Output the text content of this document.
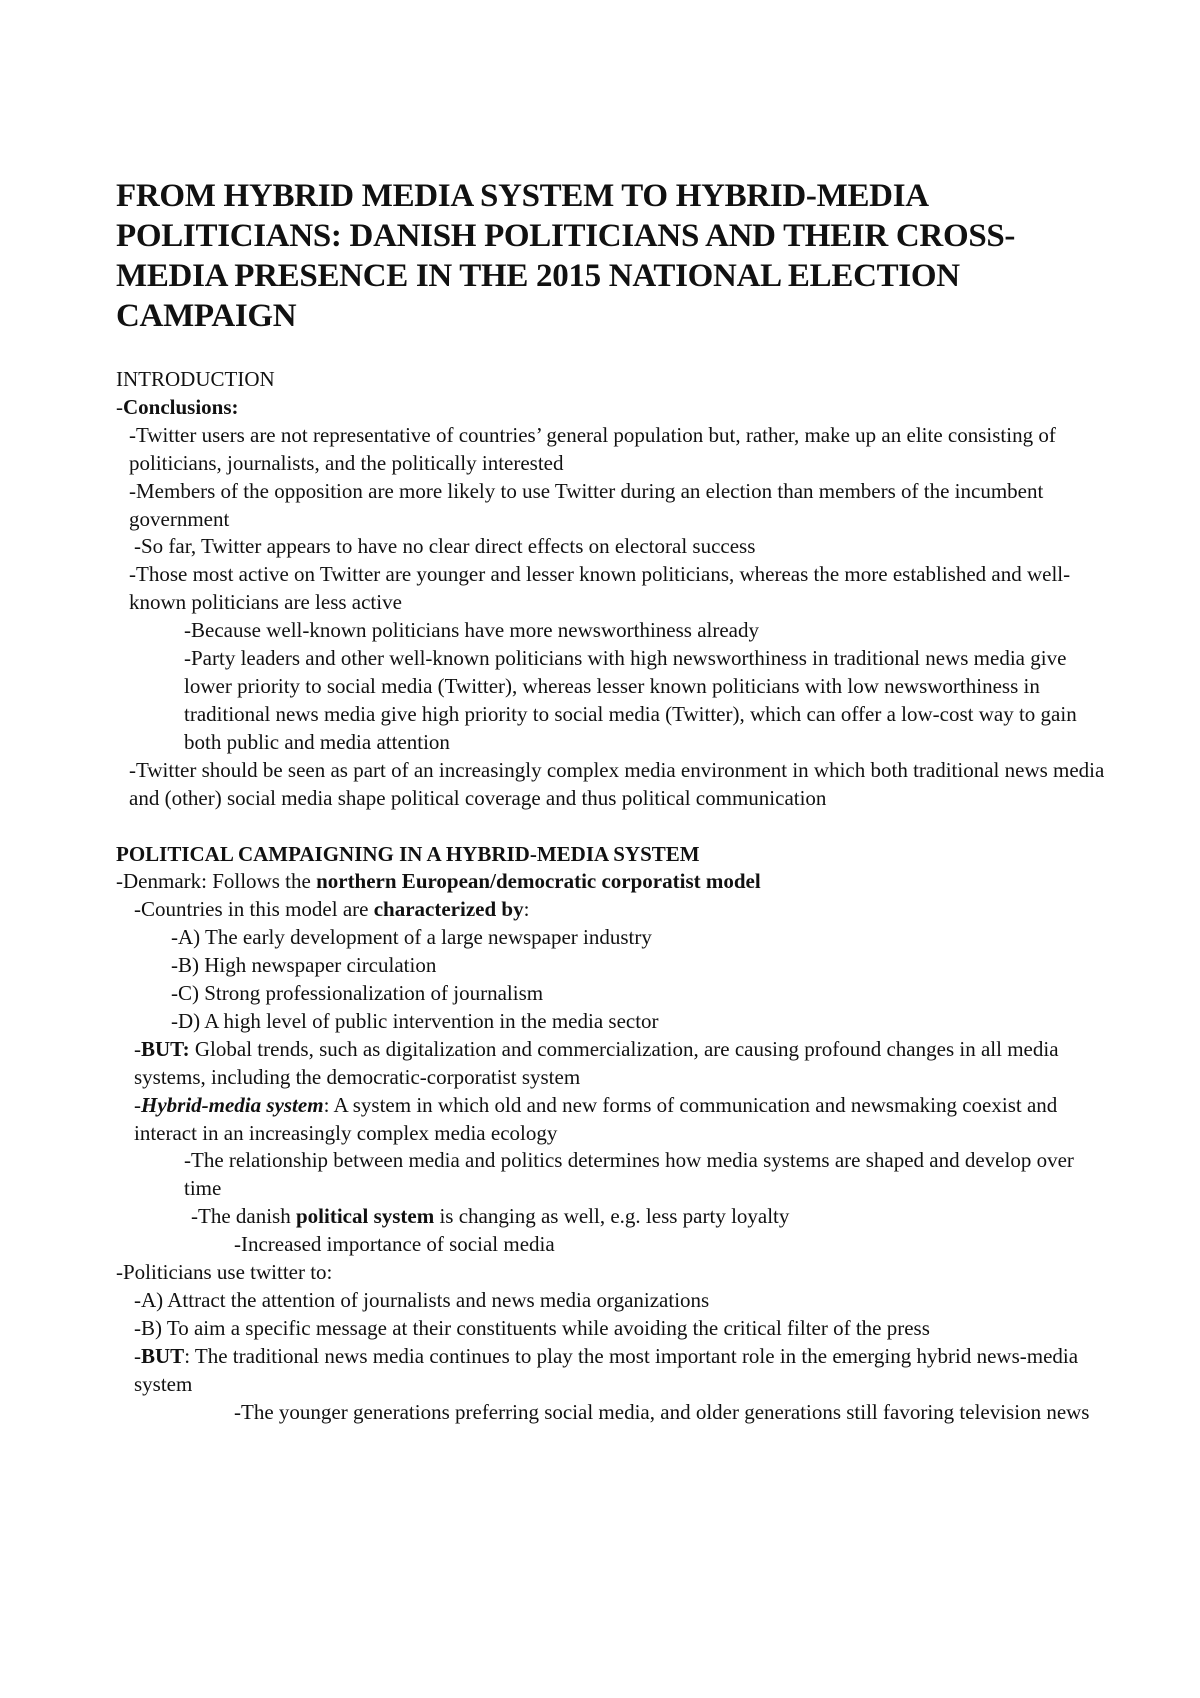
FROM HYBRID MEDIA SYSTEM TO HYBRID-MEDIA POLITICIANS: DANISH POLITICIANS AND THEIR CROSS-MEDIA PRESENCE IN THE 2015 NATIONAL ELECTION CAMPAIGN
INTRODUCTION
-Conclusions:
-Twitter users are not representative of countries’ general population but, rather, make up an elite consisting of politicians, journalists, and the politically interested
-Members of the opposition are more likely to use Twitter during an election than members of the incumbent government
-So far, Twitter appears to have no clear direct effects on electoral success
-Those most active on Twitter are younger and lesser known politicians, whereas the more established and well-known politicians are less active
-Because well-known politicians have more newsworthiness already
-Party leaders and other well-known politicians with high newsworthiness in traditional news media give lower priority to social media (Twitter), whereas lesser known politicians with low newsworthiness in traditional news media give high priority to social media (Twitter), which can offer a low-cost way to gain both public and media attention
-Twitter should be seen as part of an increasingly complex media environment in which both traditional news media and (other) social media shape political coverage and thus political communication
POLITICAL CAMPAIGNING IN A HYBRID-MEDIA SYSTEM
-Denmark: Follows the northern European/democratic corporatist model
-Countries in this model are characterized by:
-A) The early development of a large newspaper industry
-B) High newspaper circulation
-C) Strong professionalization of journalism
-D) A high level of public intervention in the media sector
-BUT: Global trends, such as digitalization and commercialization, are causing profound changes in all media systems, including the democratic-corporatist system
-Hybrid-media system: A system in which old and new forms of communication and newsmaking coexist and interact in an increasingly complex media ecology
-The relationship between media and politics determines how media systems are shaped and develop over time
-The danish political system is changing as well, e.g. less party loyalty
-Increased importance of social media
-Politicians use twitter to:
-A) Attract the attention of journalists and news media organizations
-B) To aim a specific message at their constituents while avoiding the critical filter of the press
-BUT: The traditional news media continues to play the most important role in the emerging hybrid news-media system
-The younger generations preferring social media, and older generations still favoring television news
